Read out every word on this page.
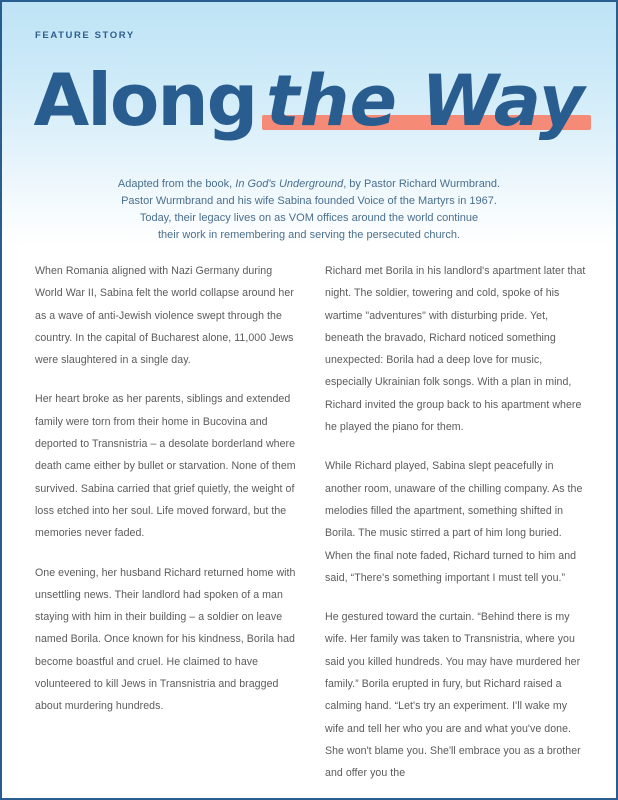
FEATURE STORY
Along the Way
Adapted from the book, In God's Underground, by Pastor Richard Wurmbrand.
Pastor Wurmbrand and his wife Sabina founded Voice of the Martyrs in 1967.
Today, their legacy lives on as VOM offices around the world continue
their work in remembering and serving the persecuted church.

When Romania aligned with Nazi Germany during World War II, Sabina felt the world collapse around her as a wave of anti-Jewish violence swept through the country. In the capital of Bucharest alone, 11,000 Jews were slaughtered in a single day.

Her heart broke as her parents, siblings and extended family were torn from their home in Bucovina and deported to Transnistria – a desolate borderland where death came either by bullet or starvation. None of them survived. Sabina carried that grief quietly, the weight of loss etched into her soul. Life moved forward, but the memories never faded.

One evening, her husband Richard returned home with unsettling news. Their landlord had spoken of a man staying with him in their building – a soldier on leave named Borila. Once known for his kindness, Borila had become boastful and cruel. He claimed to have volunteered to kill Jews in Transnistria and bragged about murdering hundreds.

Richard met Borila in his landlord's apartment later that night. The soldier, towering and cold, spoke of his wartime "adventures" with disturbing pride. Yet, beneath the bravado, Richard noticed something unexpected: Borila had a deep love for music, especially Ukrainian folk songs. With a plan in mind, Richard invited the group back to his apartment where he played the piano for them.

While Richard played, Sabina slept peacefully in another room, unaware of the chilling company. As the melodies filled the apartment, something shifted in Borila. The music stirred a part of him long buried. When the final note faded, Richard turned to him and said, “There's something important I must tell you.”

He gestured toward the curtain. “Behind there is my wife. Her family was taken to Transnistria, where you said you killed hundreds. You may have murdered her family.” Borila erupted in fury, but Richard raised a calming hand. “Let's try an experiment. I'll wake my wife and tell her who you are and what you've done. She won't blame you. She'll embrace you as a brother and offer you the
